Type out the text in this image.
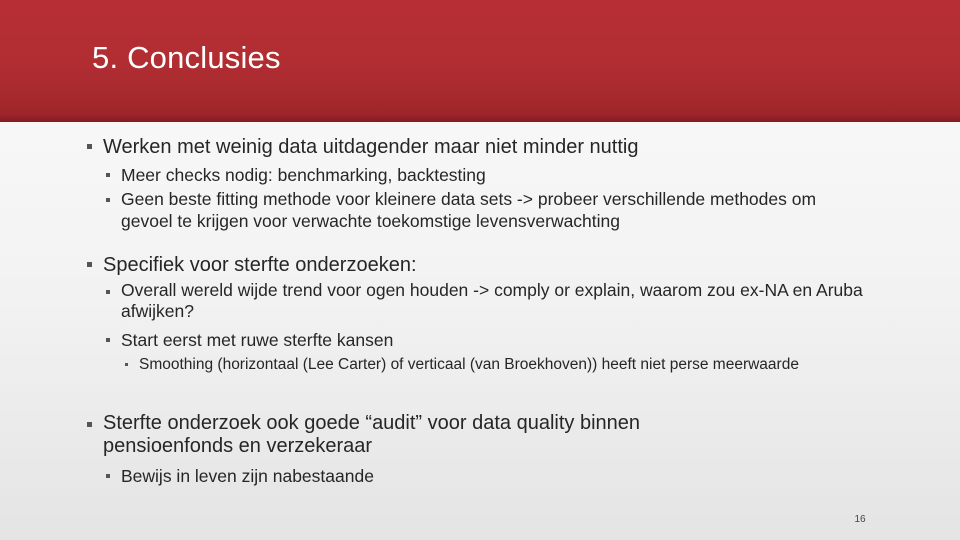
5. Conclusies
Werken met weinig data uitdagender maar niet minder nuttig
Meer checks nodig: benchmarking, backtesting
Geen beste fitting methode voor kleinere data sets -> probeer verschillende methodes om gevoel te krijgen voor verwachte toekomstige levensverwachting
Specifiek voor sterfte onderzoeken:
Overall wereld wijde trend voor ogen houden -> comply or explain, waarom zou ex-NA en Aruba afwijken?
Start eerst met ruwe sterfte kansen
Smoothing (horizontaal (Lee Carter) of verticaal (van Broekhoven)) heeft niet perse meerwaarde
Sterfte onderzoek ook goede “audit” voor data quality binnen pensioenfonds en verzekeraar
Bewijs in leven zijn nabestaande
16
